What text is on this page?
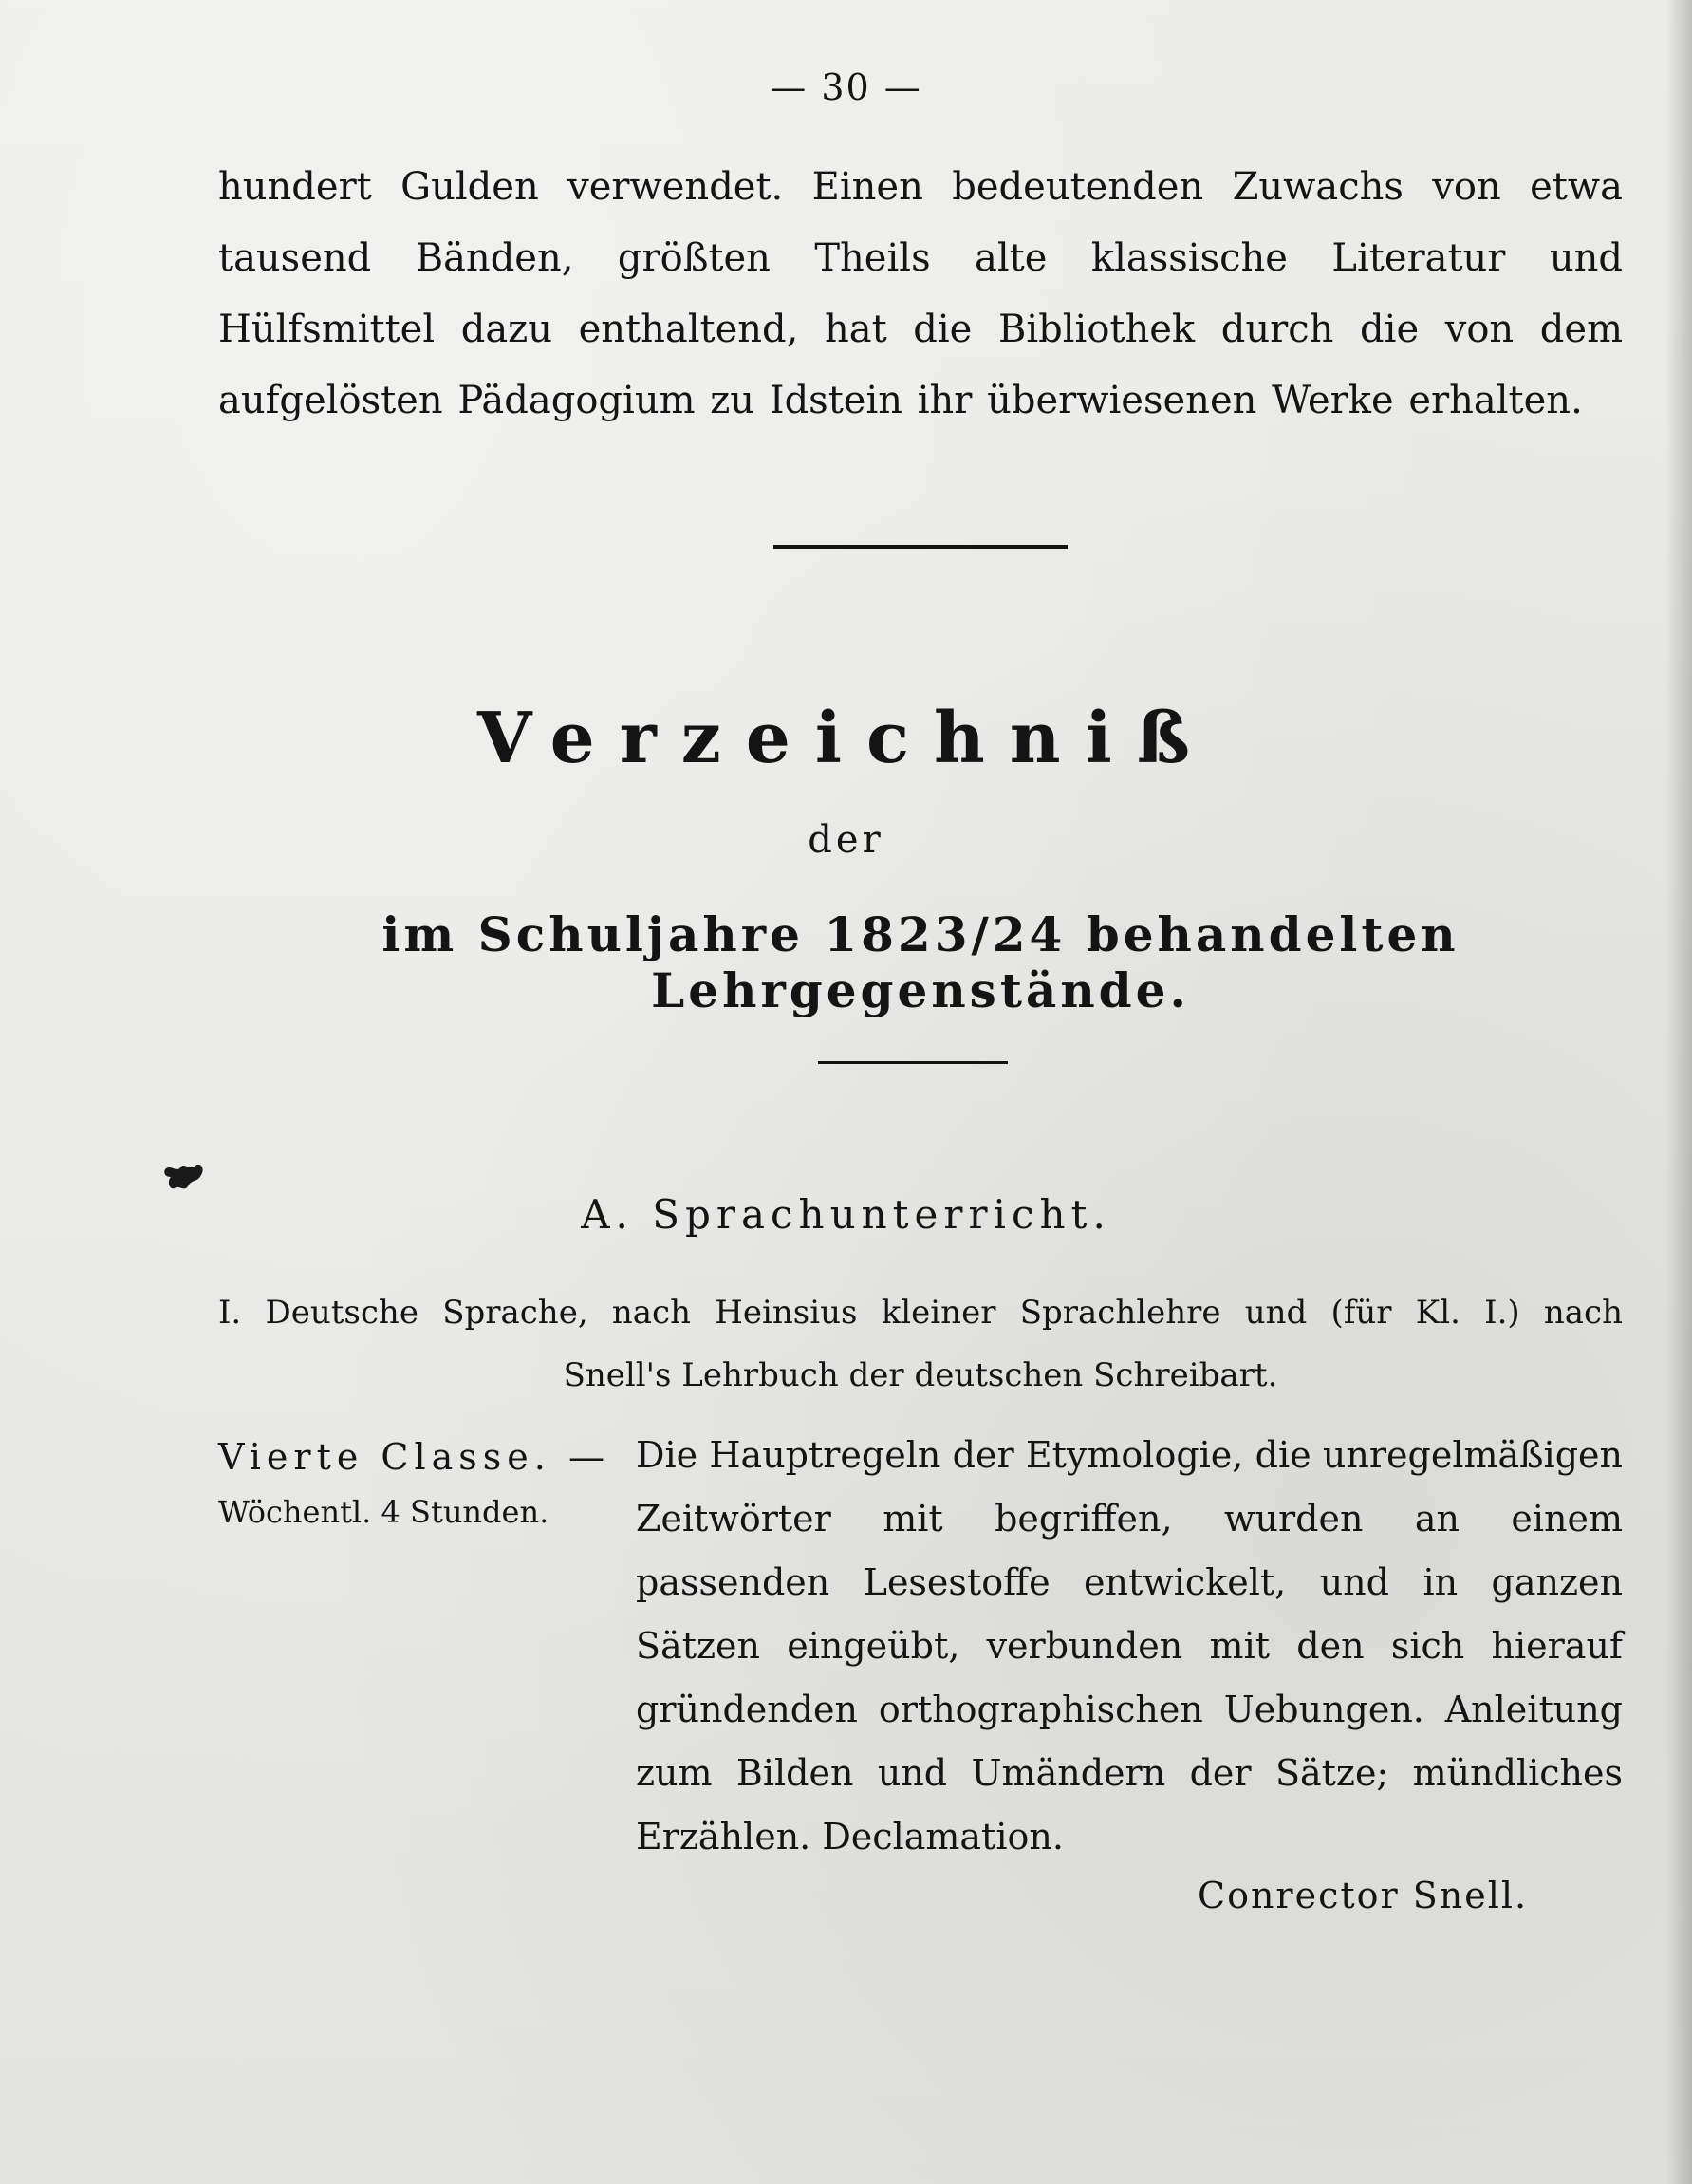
— 30 —
hundert Gulden verwendet. Einen bedeutenden Zuwachs von etwa tausend Bänden, größten Theils alte klassische Literatur und Hülfsmittel dazu enthaltend, hat die Bibliothek durch die von dem aufgelösten Pädagogium zu Idstein ihr überwiesenen Werke erhalten.
Verzeichniß
der
im Schuljahre 1823/24 behandelten Lehrgegenstände.
A. Sprachunterricht.
I. Deutsche Sprache, nach Heinsius kleiner Sprachlehre und (für Kl. I.) nach
Snell's Lehrbuch der deutschen Schreibart.
Vierte Classe. —
Wöchentl. 4 Stunden.
Die Hauptregeln der Etymologie, die unregelmäßigen Zeitwörter mit begriffen, wurden an einem passenden Lesestoffe entwickelt, und in ganzen Sätzen eingeübt, verbunden mit den sich hierauf gründenden orthographischen Uebungen. Anleitung zum Bilden und Umändern der Sätze; mündliches Erzählen. Declamation.
Conrector Snell.
